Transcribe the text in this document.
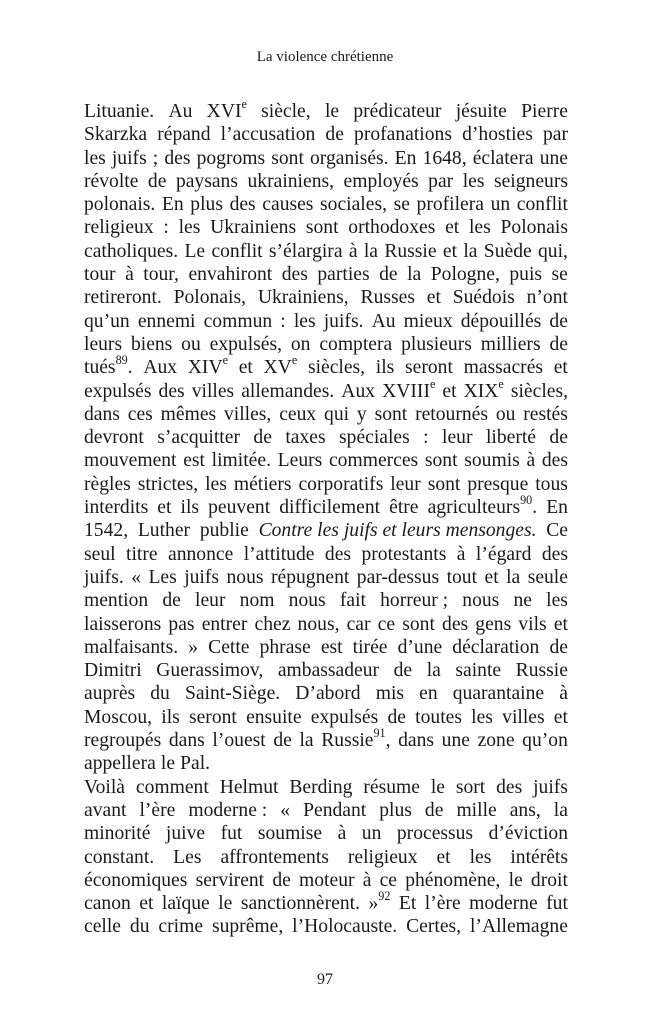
La violence chrétienne
Lituanie. Au XVIe siècle, le prédicateur jésuite Pierre
Skarzka répand l’accusation de profanations d’hosties par
les juifs ; des pogroms sont organisés. En 1648, éclatera une
révolte de paysans ukrainiens, employés par les seigneurs
polonais. En plus des causes sociales, se profilera un conflit
religieux : les Ukrainiens sont orthodoxes et les Polonais
catholiques. Le conflit s’élargira à la Russie et la Suède qui,
tour à tour, envahiront des parties de la Pologne, puis se
retireront. Polonais, Ukrainiens, Russes et Suédois n’ont
qu’un ennemi commun : les juifs. Au mieux dépouillés de
leurs biens ou expulsés, on comptera plusieurs milliers de
tués$^{89}$. Aux XIVe et XVe siècles, ils seront massacrés et
expulsés des villes allemandes. Aux XVIIIe et XIXe siècles,
dans ces mêmes villes, ceux qui y sont retournés ou restés
devront s’acquitter de taxes spéciales : leur liberté de
mouvement est limitée. Leurs commerces sont soumis à des
règles strictes, les métiers corporatifs leur sont presque tous
interdits et ils peuvent difficilement être agriculteurs$^{90}$. En
1542, Luther publie Contre les juifs et leurs mensonges. Ce
seul titre annonce l’attitude des protestants à l’égard des
juifs. « Les juifs nous répugnent par-dessus tout et la seule
mention de leur nom nous fait horreur ; nous ne les
laisserons pas entrer chez nous, car ce sont des gens vils et
malfaisants. » Cette phrase est tirée d’une déclaration de
Dimitri Guerassimov, ambassadeur de la sainte Russie
auprès du Saint-Siège. D’abord mis en quarantaine à
Moscou, ils seront ensuite expulsés de toutes les villes et
regroupés dans l’ouest de la Russie$^{91}$, dans une zone qu’on
appellera le Pal.
Voilà comment Helmut Berding résume le sort des juifs
avant l’ère moderne : « Pendant plus de mille ans, la
minorité juive fut soumise à un processus d’éviction
constant. Les affrontements religieux et les intérêts
économiques servirent de moteur à ce phénomène, le droit
canon et laïque le sanctionnèrent. »$^{92}$ Et l’ère moderne fut
celle du crime suprême, l’Holocauste. Certes, l’Allemagne
97
